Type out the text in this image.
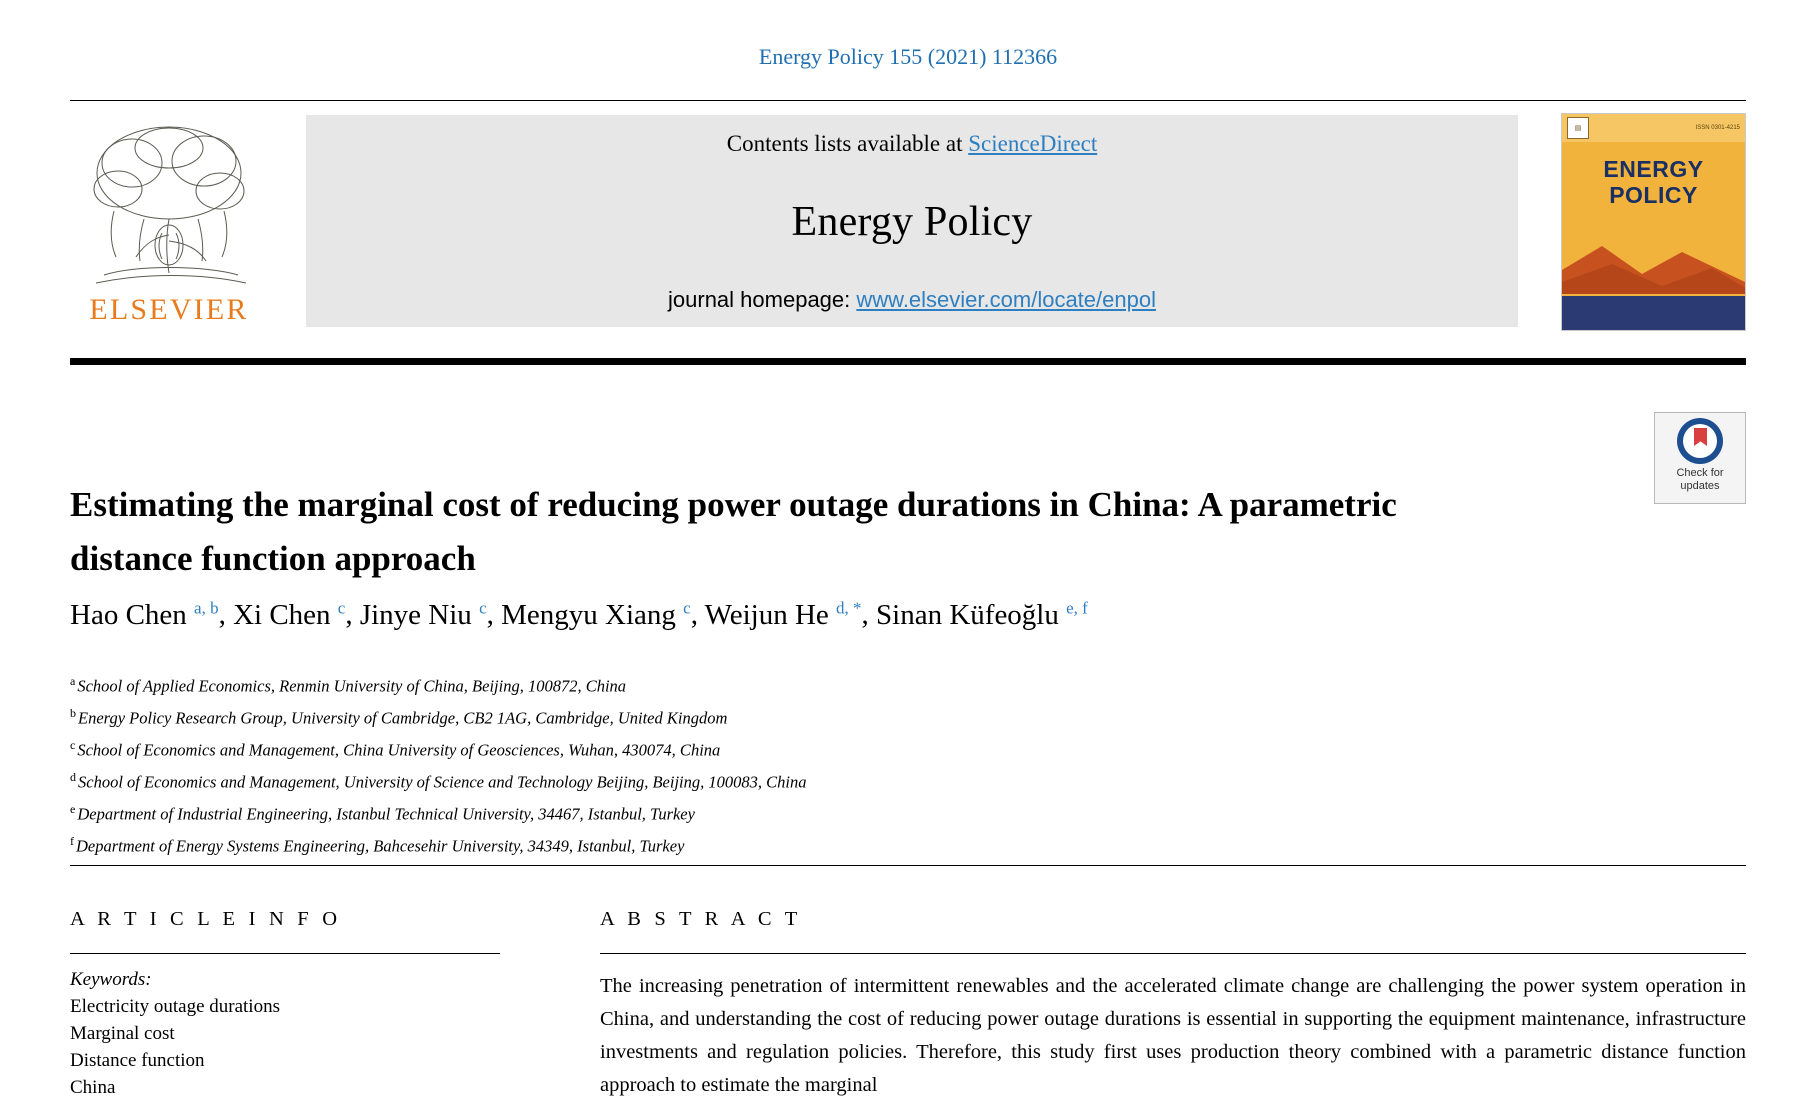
Energy Policy 155 (2021) 112366
ELSEVIER
Contents lists available at ScienceDirect
Energy Policy
journal homepage: www.elsevier.com/locate/enpol
▤	ISSN 0301-4215
ENERGY
POLICY
Check for
updates
Estimating the marginal cost of reducing power outage durations in China: A parametric distance function approach
Hao Chen $^{a, b}$, Xi Chen $^c$, Jinye Niu $^c$, Mengyu Xiang $^c$, Weijun He $^{d, *}$, Sinan Küfeoğlu $^{e, f}$
$^a$ School of Applied Economics, Renmin University of China, Beijing, 100872, China
$^b$ Energy Policy Research Group, University of Cambridge, CB2 1AG, Cambridge, United Kingdom
$^c$ School of Economics and Management, China University of Geosciences, Wuhan, 430074, China
$^d$ School of Economics and Management, University of Science and Technology Beijing, Beijing, 100083, China
$^e$ Department of Industrial Engineering, Istanbul Technical University, 34467, Istanbul, Turkey
$^f$ Department of Energy Systems Engineering, Bahcesehir University, 34349, Istanbul, Turkey
A R T I C L E I N F O
Keywords:
Electricity outage durations
Marginal cost
Distance function
China
A B S T R A C T
The increasing penetration of intermittent renewables and the accelerated climate change are challenging the power system operation in China, and understanding the cost of reducing power outage durations is essential in supporting the equipment maintenance, infrastructure investments and regulation policies. Therefore, this study first uses production theory combined with a parametric distance function approach to estimate the marginal
